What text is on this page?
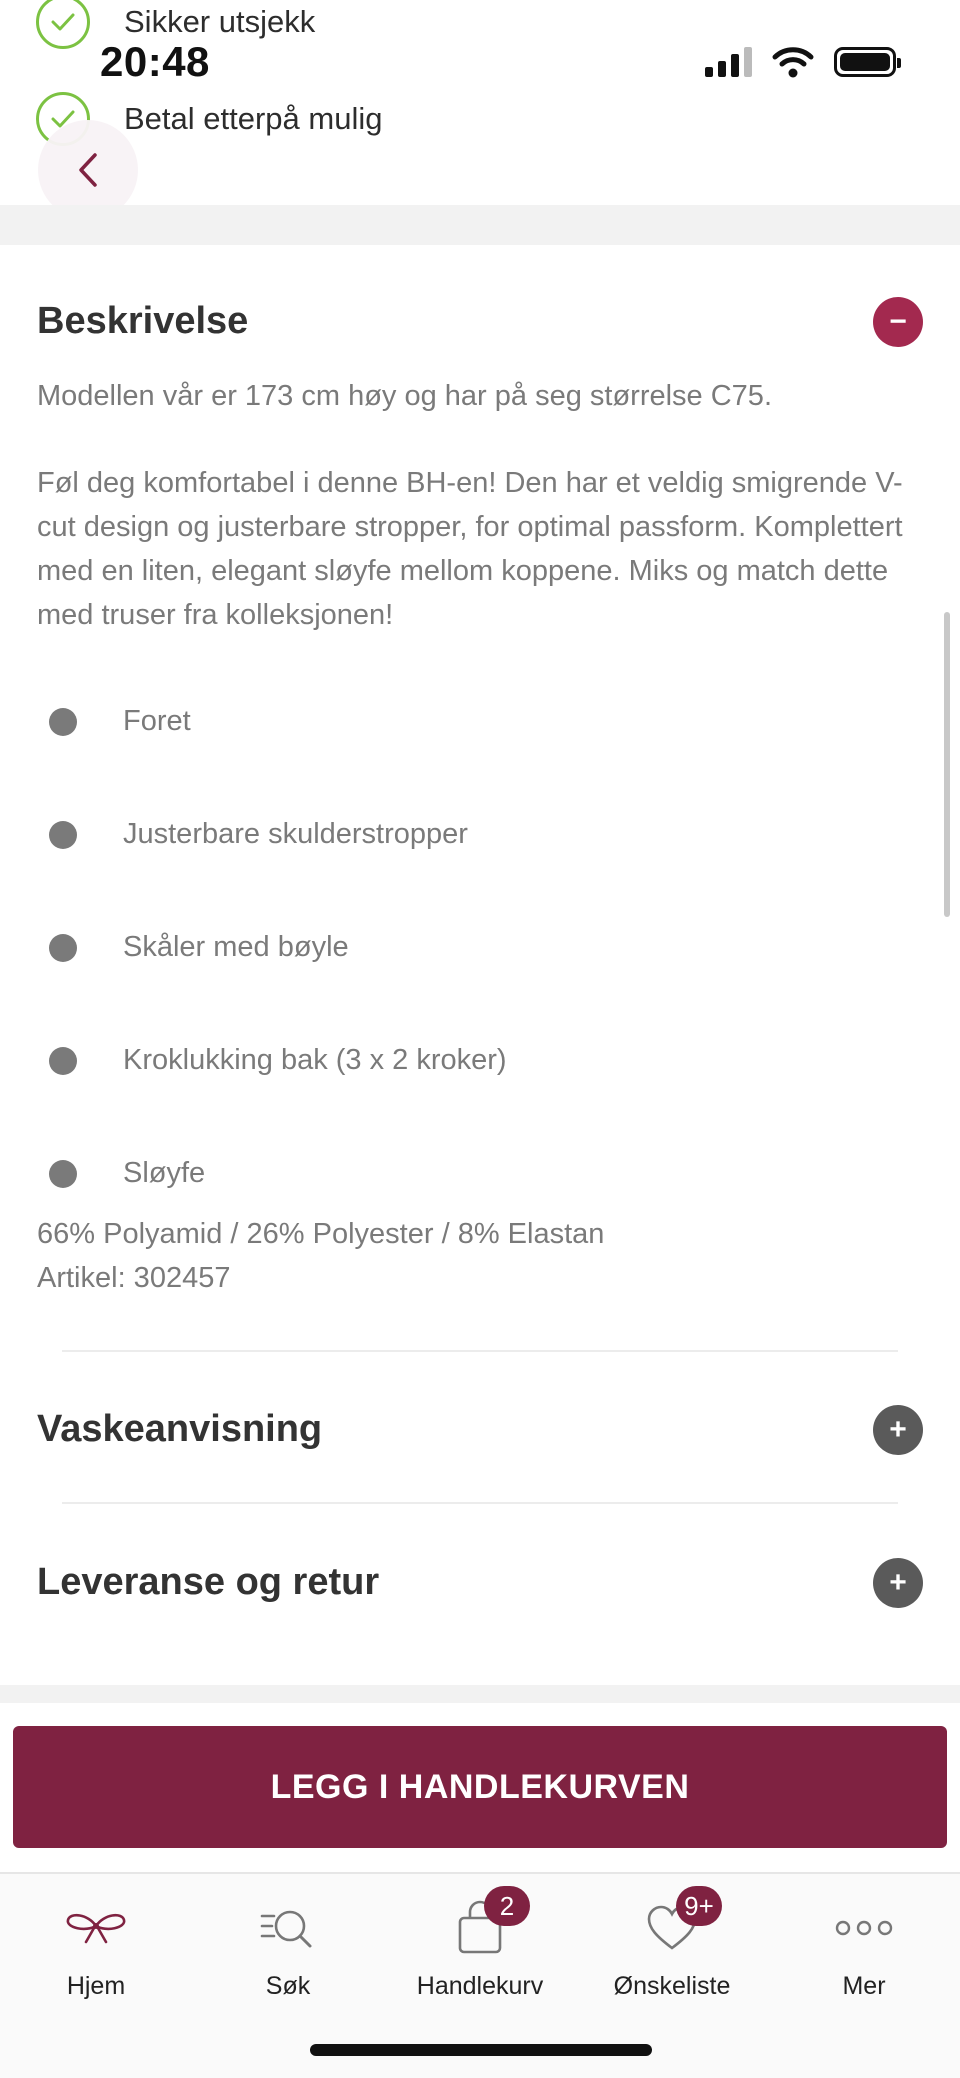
Sikker utsjekk
Betal etterpå mulig
20:48
Beskrivelse	−
Modellen vår er 173 cm høy og har på seg størrelse C75.
Føl deg komfortabel i denne BH-en! Den har et veldig smigrende V-cut design og justerbare stropper, for optimal passform. Komplettert med en liten, elegant sløyfe mellom koppene. Miks og match dette med truser fra kolleksjonen!
Foret
Justerbare skulderstropper
Skåler med bøyle
Kroklukking bak (3 x 2 kroker)
Sløyfe
66% Polyamid / 26% Polyester / 8% Elastan
Artikel: 302457
Vaskeanvisning	+
Leveranse og retur	+
LEGG I HANDLEKURVEN
Hjem	Søk
2
Handlekurv
9+
Ønskeliste	Mer
